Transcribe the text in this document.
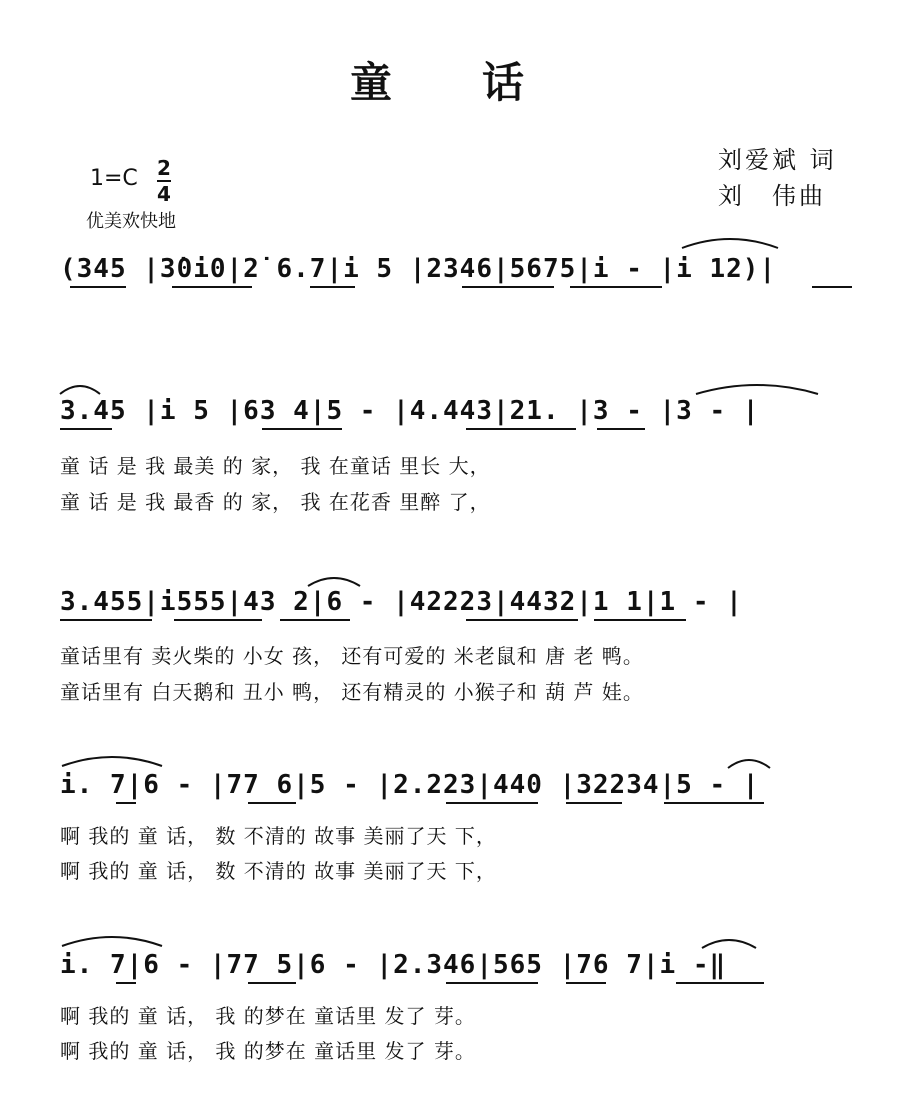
童　　话
刘爱斌 词
刘　伟曲
1=C 2
4
优美欢快地
(345 |3̇0i0|2̇ 6.7|i 5 |2346|5675|i - |i 12)|
3.45 |i 5 |63 4|5 - |4.443|21. |3 - |3 - |
童 话 是 我 最美 的 家， 我 在童话 里长 大，
童 话 是 我 最香 的 家， 我 在花香 里醉 了，
3.455|i555|43 2|6 - |42223|4432|1 1|1 - |
童话里有 卖火柴的 小女 孩， 还有可爱的 米老鼠和 唐 老 鸭。
童话里有 白天鹅和 丑小 鸭， 还有精灵的 小猴子和 葫 芦 娃。
i. 7|6 - |77 6|5 - |2.223|440 |32234|5 - |
啊 我的 童 话， 数 不清的 故事 美丽了天 下，
啊 我的 童 话， 数 不清的 故事 美丽了天 下，
i. 7|6 - |77 5|6 - |2.346|565 |76 7|i -‖
啊 我的 童 话， 我 的梦在 童话里 发了 芽。
啊 我的 童 话， 我 的梦在 童话里 发了 芽。
